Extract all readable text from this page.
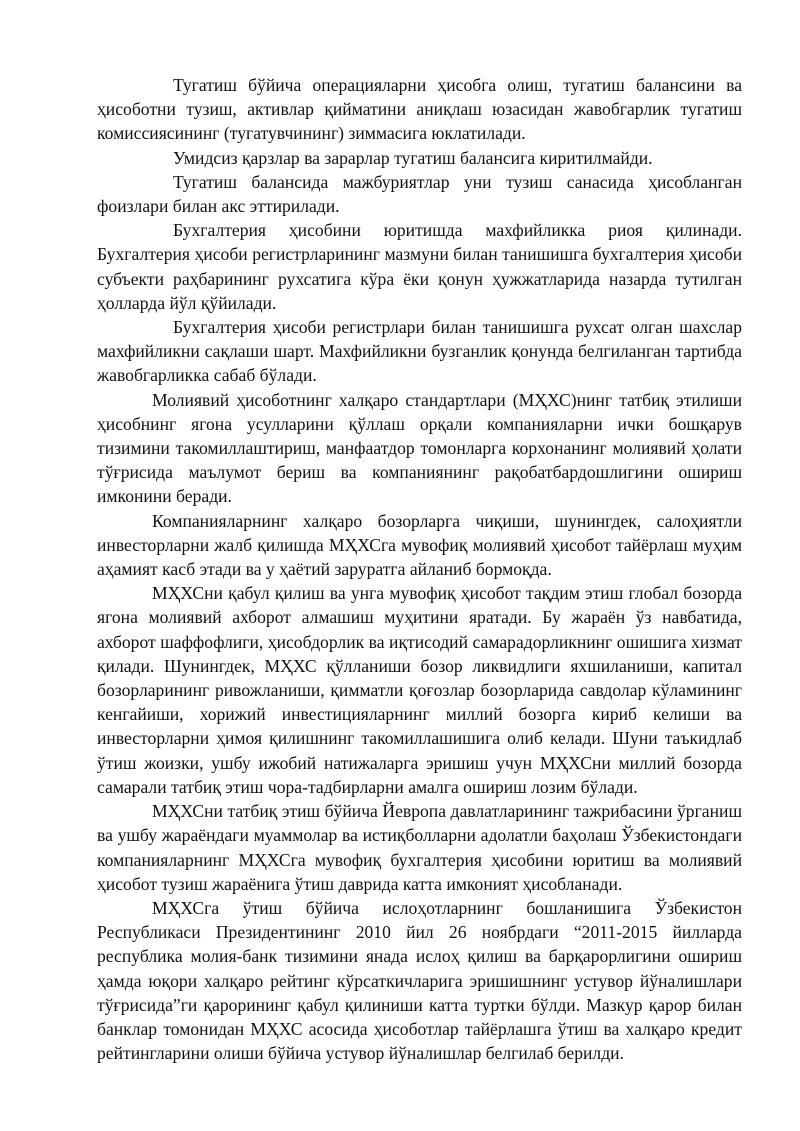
Тугатиш бўйича операцияларни ҳисобга олиш, тугатиш балансини ва ҳисоботни тузиш, активлар қийматини аниқлаш юзасидан жавобгарлик тугатиш комиссиясининг (тугатувчининг) зиммасига юклатилади.

Умидсиз қарзлар ва зарарлар тугатиш балансига киритилмайди.

Тугатиш балансида мажбуриятлар уни тузиш санасида ҳисобланган фоизлари билан акс эттирилади.

Бухгалтерия ҳисобини юритишда махфийликка риоя қилинади. Бухгалтерия ҳисоби регистрларининг мазмуни билан танишишга бухгалтерия ҳисоби субъекти раҳбарининг рухсатига кўра ёки қонун ҳужжатларида назарда тутилган ҳолларда йўл қўйилади.

Бухгалтерия ҳисоби регистрлари билан танишишга рухсат олган шахслар махфийликни сақлаши шарт. Махфийликни бузганлик қонунда белгиланган тартибда жавобгарликка сабаб бўлади.

Молиявий ҳисоботнинг халқаро стандартлари (МҲХС)нинг татбиқ этилиши ҳисобнинг ягона усулларини қўллаш орқали компанияларни ички бошқарув тизимини такомиллаштириш, манфаатдор томонларга корхонанинг молиявий ҳолати тўғрисида маълумот бериш ва компаниянинг рақобатбардошлигини ошириш имконини беради.

Компанияларнинг халқаро бозорларга чиқиши, шунингдек, салоҳиятли инвесторларни жалб қилишда МҲХСга мувофиқ молиявий ҳисобот тайёрлаш муҳим аҳамият касб этади ва у ҳаётий заруратга айланиб бормоқда.

МҲХСни қабул қилиш ва унга мувофиқ ҳисобот тақдим этиш глобал бозорда ягона молиявий ахборот алмашиш муҳитини яратади. Бу жараён ўз навбатида, ахборот шаффофлиги, ҳисобдорлик ва иқтисодий самарадорликнинг ошишига хизмат қилади. Шунингдек, МҲХС қўлланиши бозор ликвидлиги яхшиланиши, капитал бозорларининг ривожланиши, қимматли қоғозлар бозорларида савдолар кўламининг кенгайиши, хорижий инвестицияларнинг миллий бозорга кириб келиши ва инвесторларни ҳимоя қилишнинг такомиллашишига олиб келади. Шуни таъкидлаб ўтиш жоизки, ушбу ижобий натижаларга эришиш учун МҲХСни миллий бозорда самарали татбиқ этиш чора-тадбирларни амалга ошириш лозим бўлади.

МҲХСни татбиқ этиш бўйича Йевропа давлатларининг тажрибасини ўрганиш ва ушбу жараёндаги муаммолар ва истиқболларни адолатли баҳолаш Ўзбекистондаги компанияларнинг МҲХСга мувофиқ бухгалтерия ҳисобини юритиш ва молиявий ҳисобот тузиш жараёнига ўтиш даврида катта имконият ҳисобланади.

МҲХСга ўтиш бўйича ислоҳотларнинг бошланишига Ўзбекистон Республикаси Президентининг 2010 йил 26 ноябрдаги “2011-2015 йилларда республика молия-банк тизимини янада ислоҳ қилиш ва барқарорлигини ошириш ҳамда юқори халқаро рейтинг кўрсаткичларига эришишнинг устувор йўналишлари тўғрисида”ги қарорининг қабул қилиниши катта туртки бўлди. Мазкур қарор билан банклар томонидан МҲХС асосида ҳисоботлар тайёрлашга ўтиш ва халқаро кредит рейтингларини олиши бўйича устувор йўналишлар белгилаб берилди.
